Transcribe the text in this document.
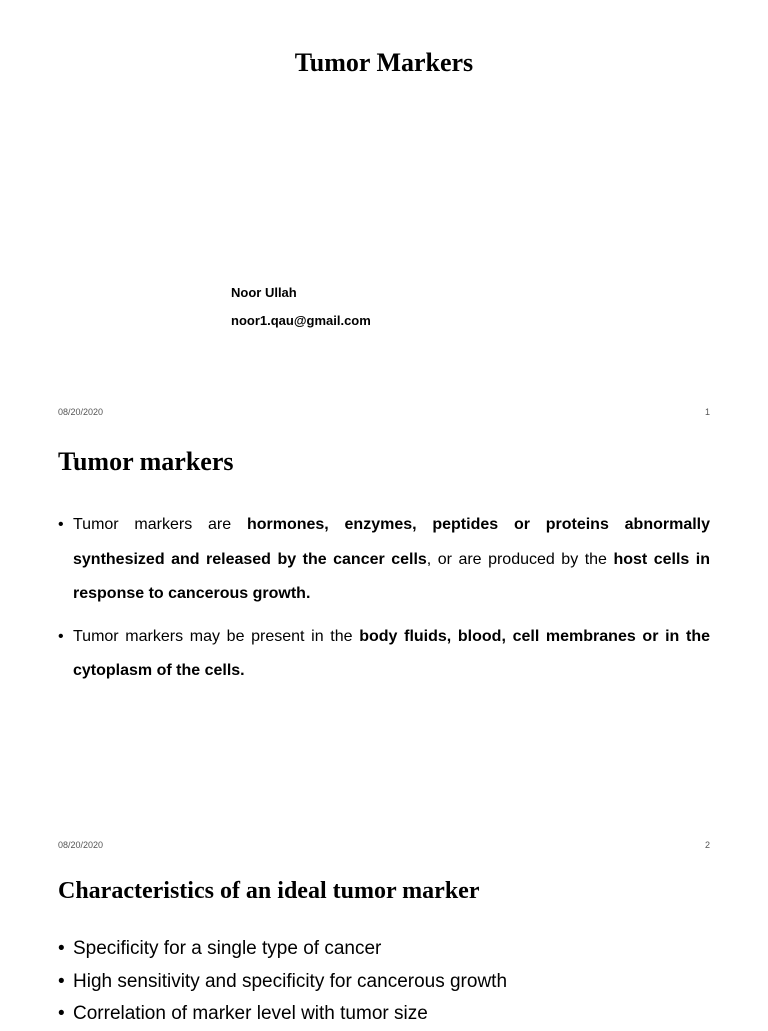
Tumor Markers
Noor Ullah
noor1.qau@gmail.com
08/20/2020	1
Tumor markers
• Tumor markers are hormones, enzymes, peptides or proteins abnormally synthesized and released by the cancer cells, or are produced by the host cells in response to cancerous growth.
• Tumor markers may be present in the body fluids, blood, cell membranes or in the cytoplasm of the cells.
08/20/2020	2
Characteristics of an ideal tumor marker
• Specificity for a single type of cancer
• High sensitivity and specificity for cancerous growth
• Correlation of marker level with tumor size
